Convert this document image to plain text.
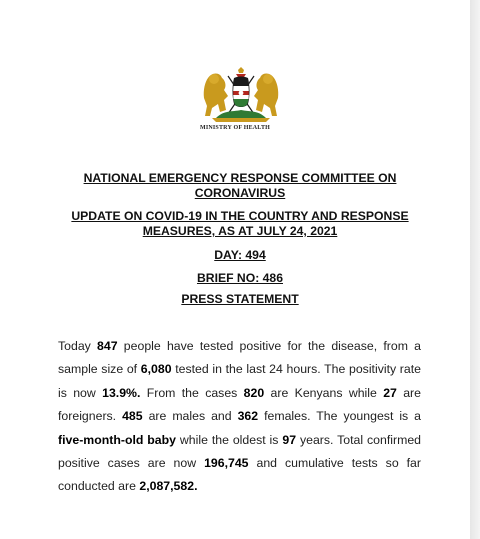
MINISTRY OF HEALTH
NATIONAL EMERGENCY RESPONSE COMMITTEE ON CORONAVIRUS
UPDATE ON COVID-19 IN THE COUNTRY AND RESPONSE MEASURES, AS AT JULY 24, 2021
DAY: 494
BRIEF NO: 486
PRESS STATEMENT
Today 847 people have tested positive for the disease, from a sample size of 6,080 tested in the last 24 hours. The positivity rate is now 13.9%. From the cases 820 are Kenyans while 27 are foreigners. 485 are males and 362 females. The youngest is a five-month-old baby while the oldest is 97 years. Total confirmed positive cases are now 196,745 and cumulative tests so far conducted are 2,087,582.
